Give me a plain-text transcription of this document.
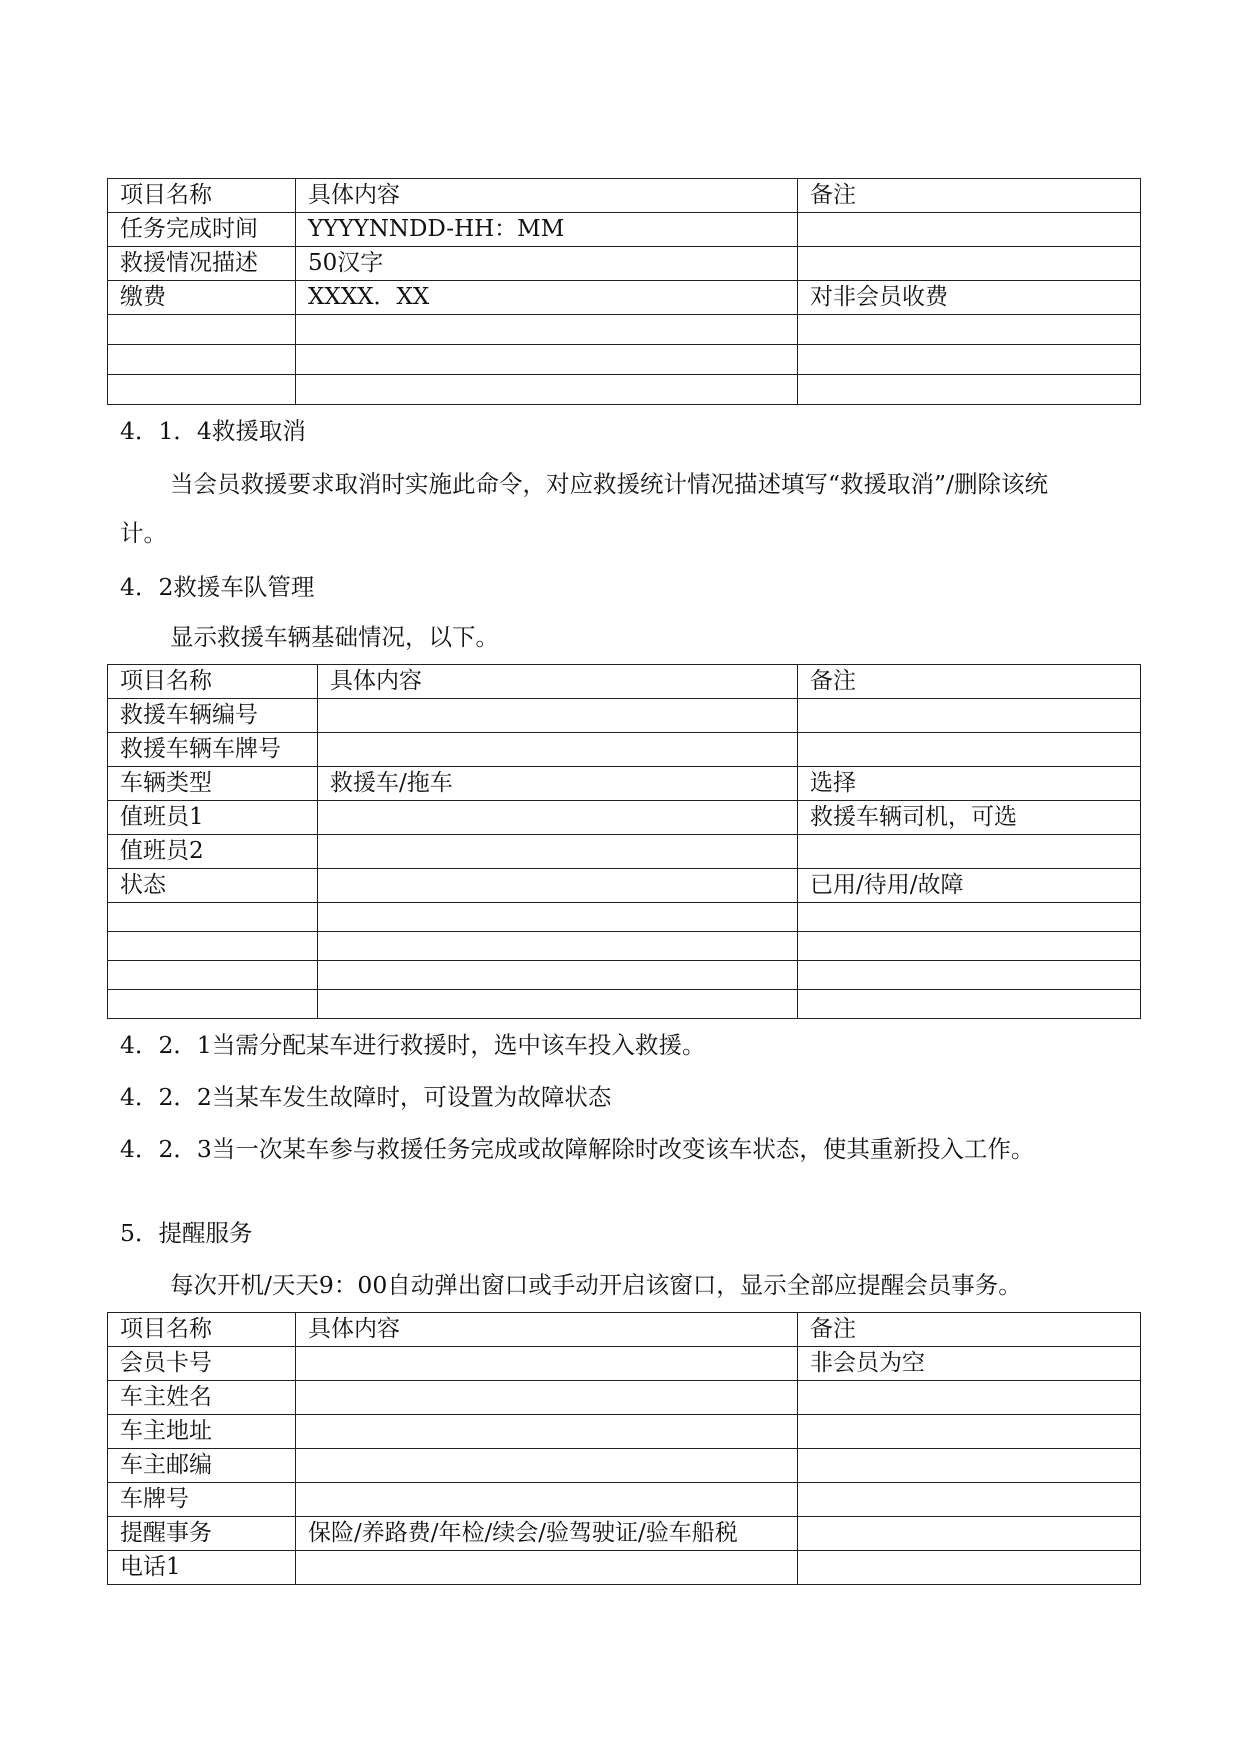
项目名称	具体内容	备注
任务完成时间	YYYYNNDD-HH：MM	
救援情况描述	50汉字	
缴费	XXXX．XX	对非会员收费

4．1．4救援取消
当会员救援要求取消时实施此命令，对应救援统计情况描述填写“救援取消”/删除该统
计。
4．2救援车队管理
显示救援车辆基础情况，以下。
项目名称	具体内容	备注
救援车辆编号		
救援车辆车牌号		
车辆类型	救援车/拖车	选择
值班员1		救援车辆司机，可选
值班员2		
状态		已用/待用/故障

4．2．1当需分配某车进行救援时，选中该车投入救援。
4．2．2当某车发生故障时，可设置为故障状态
4．2．3当一次某车参与救援任务完成或故障解除时改变该车状态，使其重新投入工作。
5．提醒服务
每次开机/天天9：00自动弹出窗口或手动开启该窗口，显示全部应提醒会员事务。
项目名称	具体内容	备注
会员卡号		非会员为空
车主姓名		
车主地址		
车主邮编		
车牌号		
提醒事务	保险/养路费/年检/续会/验驾驶证/验车船税	
电话1		
